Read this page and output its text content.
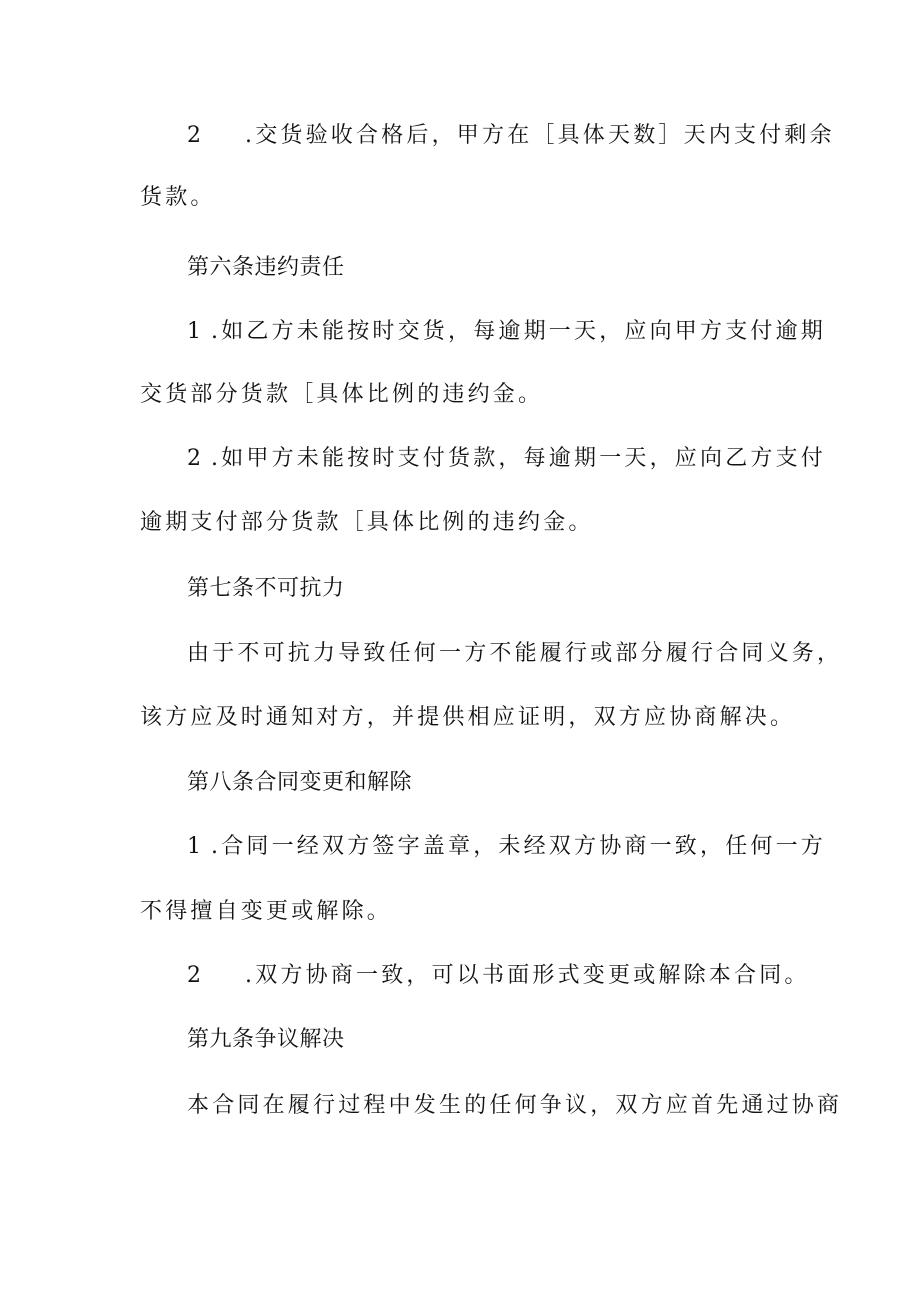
2 .交货验收合格后，甲方在［具体天数］天内支付剩余
货款。
第六条违约责任
1 .如乙方未能按时交货，每逾期一天，应向甲方支付逾期
交货部分货款［具体比例的违约金。
2 .如甲方未能按时支付货款，每逾期一天，应向乙方支付
逾期支付部分货款［具体比例的违约金。
第七条不可抗力
由于不可抗力导致任何一方不能履行或部分履行合同义务，
该方应及时通知对方，并提供相应证明，双方应协商解决。
第八条合同变更和解除
1 .合同一经双方签字盖章，未经双方协商一致，任何一方
不得擅自变更或解除。
2 .双方协商一致，可以书面形式变更或解除本合同。
第九条争议解决
本合同在履行过程中发生的任何争议，双方应首先通过协商
